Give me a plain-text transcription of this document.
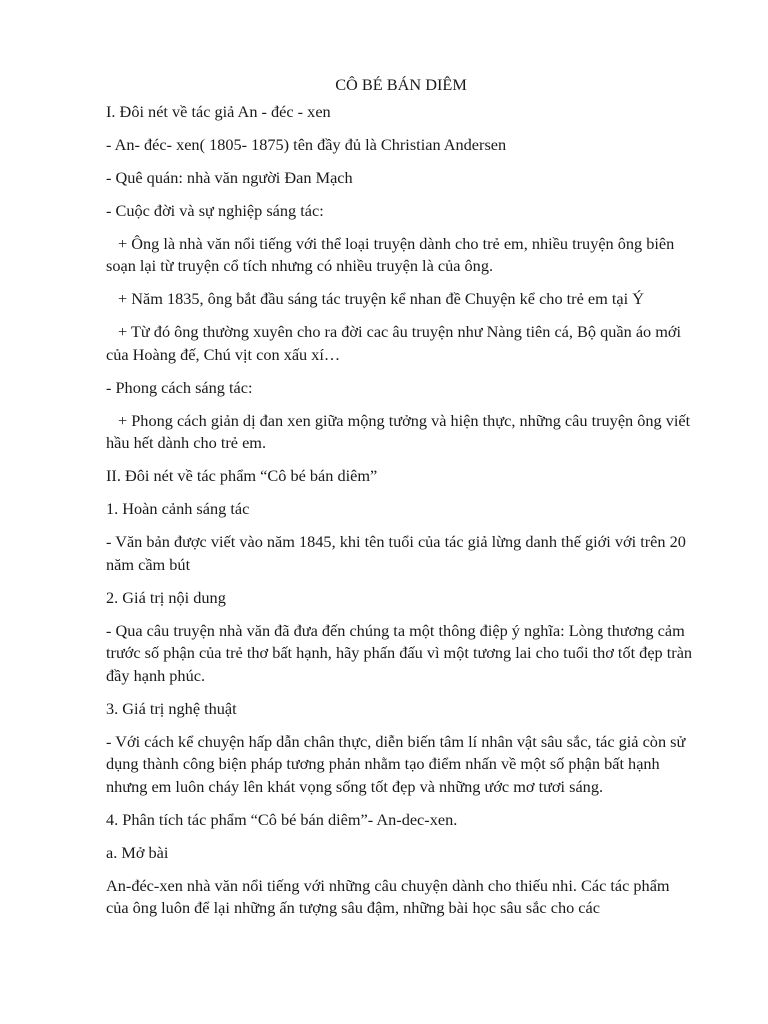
CÔ BÉ BÁN DIÊM

I. Đôi nét về tác giả An - đéc - xen

- An- đéc- xen( 1805- 1875) tên đầy đủ là Christian Andersen

- Quê quán: nhà văn người Đan Mạch

- Cuộc đời và sự nghiệp sáng tác:

+ Ông là nhà văn nổi tiếng với thể loại truyện dành cho trẻ em, nhiều truyện ông biên soạn lại từ truyện cổ tích nhưng có nhiều truyện là của ông.

+ Năm 1835, ông bắt đầu sáng tác truyện kể nhan đề Chuyện kể cho trẻ em tại Ý

+ Từ đó ông thường xuyên cho ra đời cac âu truyện như Nàng tiên cá, Bộ quần áo mới của Hoàng đế, Chú vịt con xấu xí…

- Phong cách sáng tác:

+ Phong cách giản dị đan xen giữa mộng tưởng và hiện thực, những câu truyện ông viết hầu hết dành cho trẻ em.

II. Đôi nét về tác phẩm “Cô bé bán diêm”

1. Hoàn cảnh sáng tác

- Văn bản được viết vào năm 1845, khi tên tuổi của tác giả lừng danh thế giới với trên 20 năm cầm bút

2. Giá trị nội dung

- Qua câu truyện nhà văn đã đưa đến chúng ta một thông điệp ý nghĩa: Lòng thương cảm trước số phận của trẻ thơ bất hạnh, hãy phấn đấu vì một tương lai cho tuổi thơ tốt đẹp tràn đầy hạnh phúc.

3. Giá trị nghệ thuật

- Với cách kể chuyện hấp dẫn chân thực, diễn biến tâm lí nhân vật sâu sắc, tác giả còn sử dụng thành công biện pháp tương phản nhằm tạo điểm nhấn về một số phận bất hạnh nhưng em luôn cháy lên khát vọng sống tốt đẹp và những ước mơ tươi sáng.

4. Phân tích tác phẩm “Cô bé bán diêm”- An-dec-xen.

a. Mở bài

An-đéc-xen nhà văn nổi tiếng với những câu chuyện dành cho thiếu nhi. Các tác phẩm của ông luôn để lại những ấn tượng sâu đậm, những bài học sâu sắc cho các
